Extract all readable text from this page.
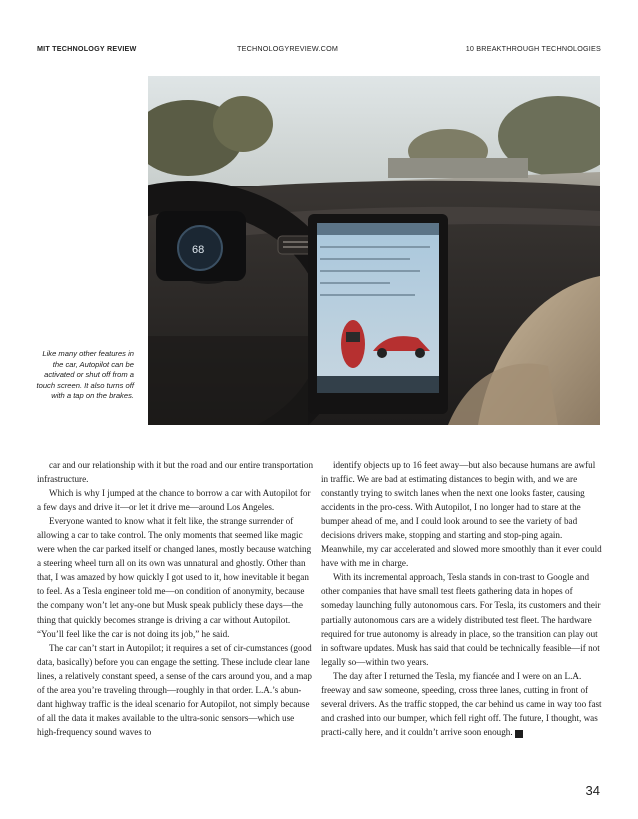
MIT TECHNOLOGY REVIEW	TECHNOLOGYREVIEW.COM	10 BREAKTHROUGH TECHNOLOGIES
68
Like many other features in the car, Autopilot can be activated or shut off from a touch screen. It also turns off with a tap on the brakes.

car and our relationship with it but the road and our entire transportation infrastructure.

Which is why I jumped at the chance to borrow a car with Autopilot for a few days and drive it—or let it drive me—around Los Angeles.

Everyone wanted to know what it felt like, the strange surrender of allowing a car to take control. The only moments that seemed like magic were when the car parked itself or changed lanes, mostly because watching a steering wheel turn all on its own was unnatural and ghostly. Other than that, I was amazed by how quickly I got used to it, how inevitable it began to feel. As a Tesla engineer told me—on condition of anonymity, because the company won’t let any-one but Musk speak publicly these days—the thing that quickly becomes strange is driving a car without Autopilot. “You’ll feel like the car is not doing its job,” he said.

The car can’t start in Autopilot; it requires a set of cir-cumstances (good data, basically) before you can engage the setting. These include clear lane lines, a relatively constant speed, a sense of the cars around you, and a map of the area you’re traveling through—roughly in that order. L.A.’s abun-dant highway traffic is the ideal scenario for Autopilot, not simply because of all the data it makes available to the ultra-sonic sensors—which use high-frequency sound waves to

identify objects up to 16 feet away—but also because humans are awful in traffic. We are bad at estimating distances to begin with, and we are constantly trying to switch lanes when the next one looks faster, causing accidents in the pro-cess. With Autopilot, I no longer had to stare at the bumper ahead of me, and I could look around to see the variety of bad decisions drivers make, stopping and starting and stop-ping again. Meanwhile, my car accelerated and slowed more smoothly than it ever could have with me in charge.

With its incremental approach, Tesla stands in con-trast to Google and other companies that have small test fleets gathering data in hopes of someday launching fully autonomous cars. For Tesla, its customers and their partially autonomous cars are a widely distributed test fleet. The hardware required for true autonomy is already in place, so the transition can play out in software updates. Musk has said that could be technically feasible—if not legally so—within two years.

The day after I returned the Tesla, my fiancée and I were on an L.A. freeway and saw someone, speeding, cross three lanes, cutting in front of several drivers. As the traffic stopped, the car behind us came in way too fast and crashed into our bumper, which fell right off. The future, I thought, was practi-cally here, and it couldn’t arrive soon enough. +

34
